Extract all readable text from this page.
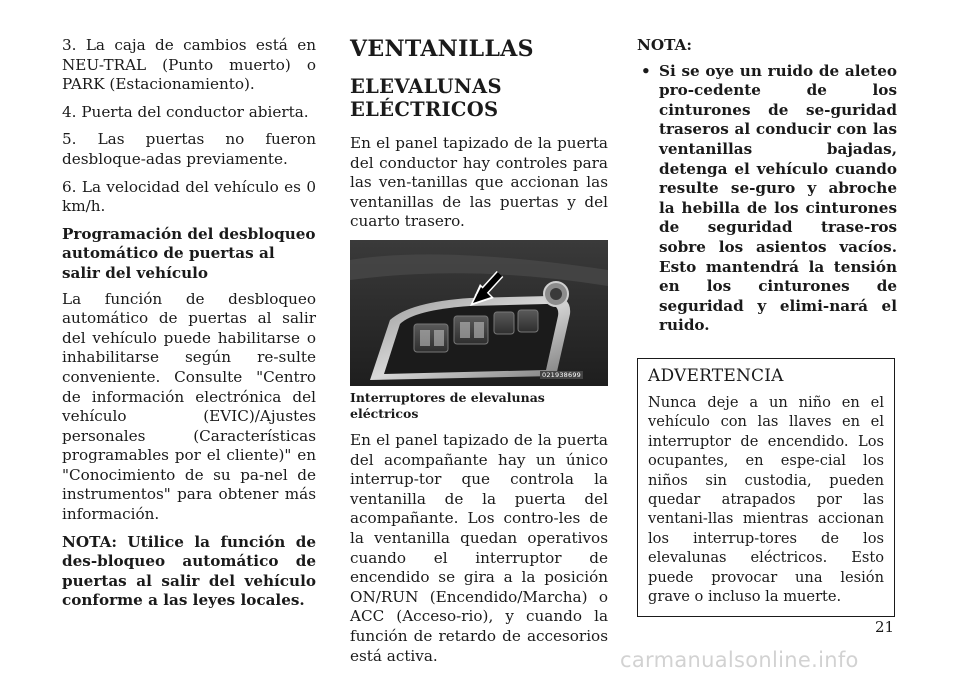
3. La caja de cambios está en NEU-TRAL (Punto muerto) o PARK (Estacionamiento).

4. Puerta del conductor abierta.

5. Las puertas no fueron desbloque-adas previamente.

6. La velocidad del vehículo es 0 km/h.

Programación del desbloqueo automático de puertas al salir del vehículo

La función de desbloqueo automático de puertas al salir del vehículo puede habilitarse o inhabilitarse según re-sulte conveniente. Consulte "Centro de información electrónica del vehículo (EVIC)/Ajustes personales (Características programables por el cliente)" en "Conocimiento de su pa-nel de instrumentos" para obtener más información.

NOTA: Utilice la función de des-bloqueo automático de puertas al salir del vehículo conforme a las leyes locales.

VENTANILLAS
ELEVALUNAS ELÉCTRICOS

En el panel tapizado de la puerta del conductor hay controles para las ven-tanillas que accionan las ventanillas de las puertas y del cuarto trasero.

021938699
Interruptores de elevalunas eléctricos

En el panel tapizado de la puerta del acompañante hay un único interrup-tor que controla la ventanilla de la puerta del acompañante. Los contro-les de la ventanilla quedan operativos cuando el interruptor de encendido se gira a la posición ON/RUN (Encendido/Marcha) o ACC (Acceso-rio), y cuando la función de retardo de accesorios está activa.

NOTA:
• Si se oye un ruido de aleteo pro-cedente de los cinturones de se-guridad traseros al conducir con las ventanillas bajadas, detenga el vehículo cuando resulte se-guro y abroche la hebilla de los cinturones de seguridad trase-ros sobre los asientos vacíos. Esto mantendrá la tensión en los cinturones de seguridad y elimi-nará el ruido.
ADVERTENCIA

Nunca deje a un niño en el vehículo con las llaves en el interruptor de encendido. Los ocupantes, en espe-cial los niños sin custodia, pueden quedar atrapados por las ventani-llas mientras accionan los interrup-tores de los elevalunas eléctricos. Esto puede provocar una lesión grave o incluso la muerte.

21
carmanualsonline.info
